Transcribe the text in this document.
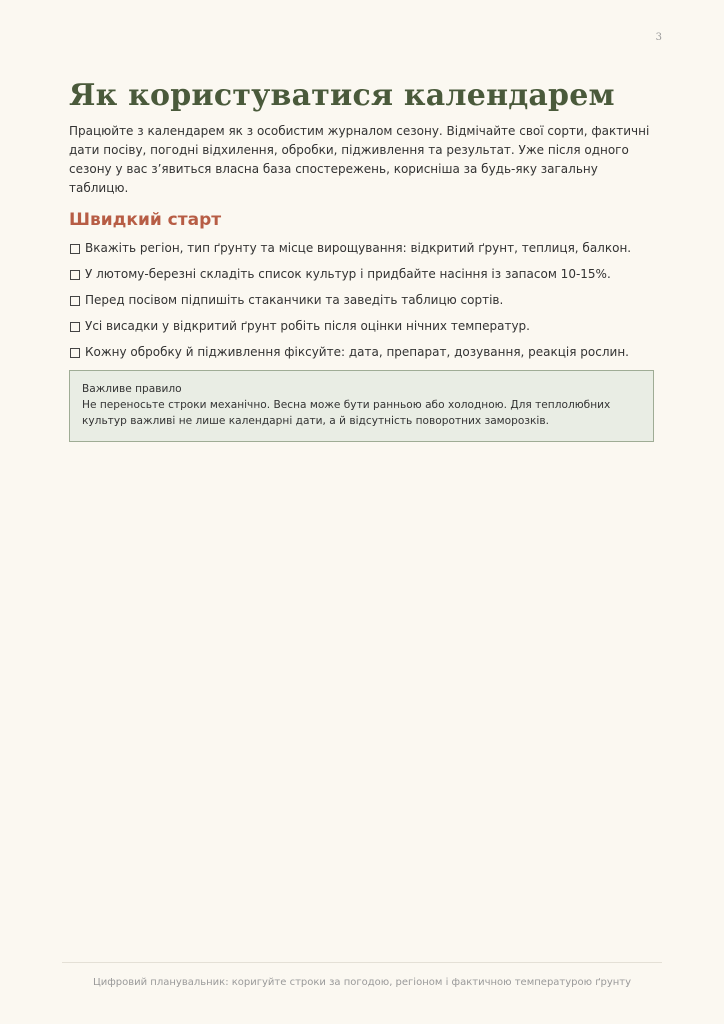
3
Як користуватися календарем

Працюйте з календарем як з особистим журналом сезону. Відмічайте свої сорти, фактичні дати посіву, погодні відхилення, обробки, підживлення та результат. Уже після одного сезону у вас з’явиться власна база спостережень, корисніша за будь-яку загальну таблицю.

Швидкий старт
Вкажіть регіон, тип ґрунту та місце вирощування: відкритий ґрунт, теплиця, балкон.
У лютому-березні складіть список культур і придбайте насіння із запасом 10-15%.
Перед посівом підпишіть стаканчики та заведіть таблицю сортів.
Усі висадки у відкритий ґрунт робіть після оцінки нічних температур.
Кожну обробку й підживлення фіксуйте: дата, препарат, дозування, реакція рослин.
Важливе правило
Не переносьте строки механічно. Весна може бути ранньою або холодною. Для теплолюбних культур важливі не лише календарні дати, а й відсутність поворотних заморозків.
Цифровий планувальник: коригуйте строки за погодою, регіоном і фактичною температурою ґрунту
